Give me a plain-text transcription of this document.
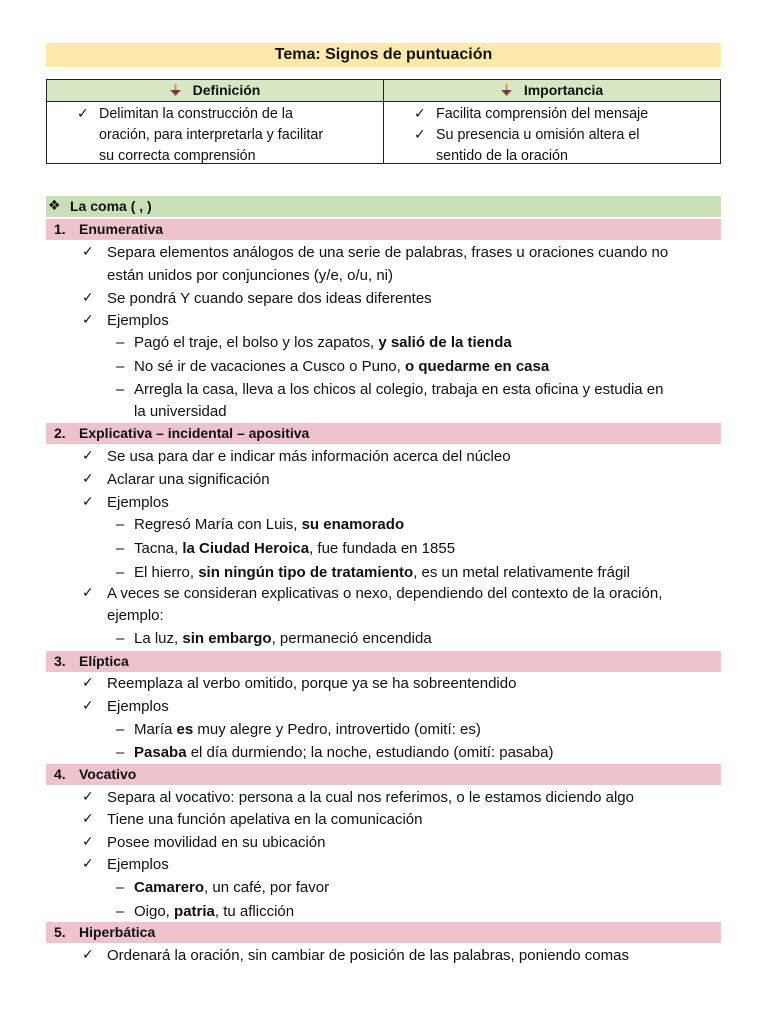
Tema: Signos de puntuación
Definición
✓ Delimitan la construcción de la
oración, para interpretarla y facilitar
su correcta comprensión
Importancia
✓ Facilita comprensión del mensaje
✓ Su presencia u omisión altera el
sentido de la oración
❖ La coma ( , )
1. Enumerativa
✓ Separa elementos análogos de una serie de palabras, frases u oraciones cuando no
están unidos por conjunciones (y/e, o/u, ni)
✓ Se pondrá Y cuando separe dos ideas diferentes
✓ Ejemplos
– Pagó el traje, el bolso y los zapatos, y salió de la tienda
– No sé ir de vacaciones a Cusco o Puno, o quedarme en casa
– Arregla la casa, lleva a los chicos al colegio, trabaja en esta oficina y estudia en
la universidad
2. Explicativa – incidental – apositiva
✓ Se usa para dar e indicar más información acerca del núcleo
✓ Aclarar una significación
✓ Ejemplos
– Regresó María con Luis, su enamorado
– Tacna, la Ciudad Heroica, fue fundada en 1855
– El hierro, sin ningún tipo de tratamiento, es un metal relativamente frágil
✓ A veces se consideran explicativas o nexo, dependiendo del contexto de la oración,
ejemplo:
– La luz, sin embargo, permaneció encendida
3. Elíptica
✓ Reemplaza al verbo omitido, porque ya se ha sobreentendido
✓ Ejemplos
– María es muy alegre y Pedro, introvertido (omití: es)
– Pasaba el día durmiendo; la noche, estudiando (omití: pasaba)
4. Vocativo
✓ Separa al vocativo: persona a la cual nos referimos, o le estamos diciendo algo
✓ Tiene una función apelativa en la comunicación
✓ Posee movilidad en su ubicación
✓ Ejemplos
– Camarero, un café, por favor
– Oigo, patria, tu aflicción
5. Hiperbática
✓ Ordenará la oración, sin cambiar de posición de las palabras, poniendo comas
